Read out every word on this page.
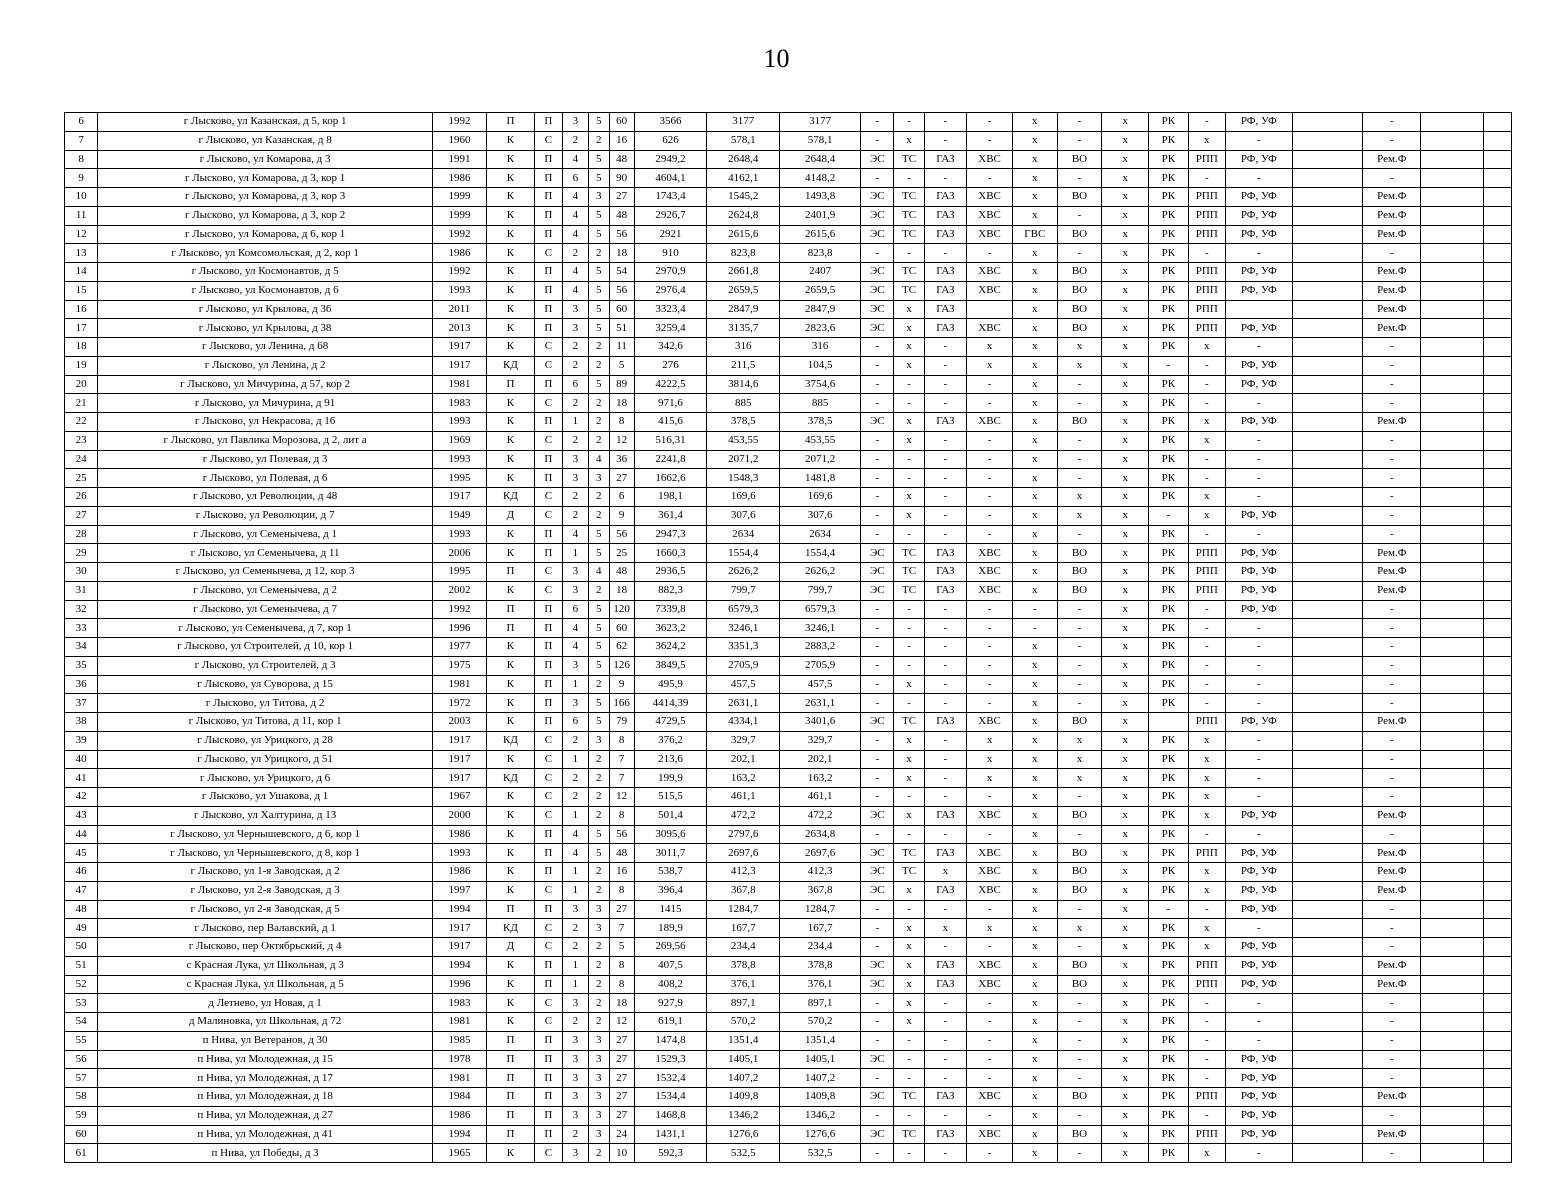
10
6	г Лысково, ул Казанская, д 5, кор 1	1992	П	П	3	5	60	3566	3177	3177	-	-	-	-	х	-	х	РК	-	РФ, УФ		-		
7	г Лысково, ул Казанская, д 8	1960	К	С	2	2	16	626	578,1	578,1	-	х	-	-	х	-	х	РК	х	-		-		
8	г Лысково, ул Комарова, д 3	1991	К	П	4	5	48	2949,2	2648,4	2648,4	ЭС	ТС	ГАЗ	ХВС	х	ВО	х	РК	РПП	РФ, УФ		Рем.Ф		
9	г Лысково, ул Комарова, д 3, кор 1	1986	К	П	6	5	90	4604,1	4162,1	4148,2	-	-	-	-	х	-	х	РК	-	-		-		
10	г Лысково, ул Комарова, д 3, кор 3	1999	К	П	4	3	27	1743,4	1545,2	1493,8	ЭС	ТС	ГАЗ	ХВС	х	ВО	х	РК	РПП	РФ, УФ		Рем.Ф		
11	г Лысково, ул Комарова, д 3, кор 2	1999	К	П	4	5	48	2926,7	2624,8	2401,9	ЭС	ТС	ГАЗ	ХВС	х	-	х	РК	РПП	РФ, УФ		Рем.Ф		
12	г Лысково, ул Комарова, д 6, кор 1	1992	К	П	4	5	56	2921	2615,6	2615,6	ЭС	ТС	ГАЗ	ХВС	ГВС	ВО	х	РК	РПП	РФ, УФ		Рем.Ф		
13	г Лысково, ул Комсомольская, д 2, кор 1	1986	К	С	2	2	18	910	823,8	823,8	-	-	-	-	х	-	х	РК	-	-		-		
14	г Лысково, ул Космонавтов, д 5	1992	К	П	4	5	54	2970,9	2661,8	2407	ЭС	ТС	ГАЗ	ХВС	х	ВО	х	РК	РПП	РФ, УФ		Рем.Ф		
15	г Лысково, ул Космонавтов, д 6	1993	К	П	4	5	56	2976,4	2659,5	2659,5	ЭС	ТС	ГАЗ	ХВС	х	ВО	х	РК	РПП	РФ, УФ		Рем.Ф		
16	г Лысково, ул Крылова, д 36	2011	К	П	3	5	60	3323,4	2847,9	2847,9	ЭС	х	ГАЗ		х	ВО	х	РК	РПП			Рем.Ф		
17	г Лысково, ул Крылова, д 38	2013	К	П	3	5	51	3259,4	3135,7	2823,6	ЭС	х	ГАЗ	ХВС	х	ВО	х	РК	РПП	РФ, УФ		Рем.Ф		
18	г Лысково, ул Ленина, д 68	1917	К	С	2	2	11	342,6	316	316	-	х	-	х	х	х	х	РК	х	-		-		
19	г Лысково, ул Ленина, д 2	1917	КД	С	2	2	5	276	211,5	104,5	-	х	-	х	х	х	х	-	-	РФ, УФ		-		
20	г Лысково, ул Мичурина, д 57, кор 2	1981	П	П	6	5	89	4222,5	3814,6	3754,6	-	-	-	-	х	-	х	РК	-	РФ, УФ		-		
21	г Лысково, ул Мичурина, д 91	1983	К	С	2	2	18	971,6	885	885	-	-	-	-	х	-	х	РК	-	-		-		
22	г Лысково, ул Некрасова, д 16	1993	К	П	1	2	8	415,6	378,5	378,5	ЭС	х	ГАЗ	ХВС	х	ВО	х	РК	х	РФ, УФ		Рем.Ф		
23	г Лысково, ул Павлика Морозова, д 2, лит а	1969	К	С	2	2	12	516,31	453,55	453,55	-	х	-	-	х	-	х	РК	х	-		-		
24	г Лысково, ул Полевая, д 3	1993	К	П	3	4	36	2241,8	2071,2	2071,2	-	-	-	-	х	-	х	РК	-	-		-		
25	г Лысково, ул Полевая, д 6	1995	К	П	3	3	27	1662,6	1548,3	1481,8	-	-	-	-	х	-	х	РК	-	-		-		
26	г Лысково, ул Революции, д 48	1917	КД	С	2	2	6	198,1	169,6	169,6	-	х	-	-	х	х	х	РК	х	-		-		
27	г Лысково, ул Революции, д 7	1949	Д	С	2	2	9	361,4	307,6	307,6	-	х	-	-	х	х	х	-	х	РФ, УФ		-		
28	г Лысково, ул Семенычева, д 1	1993	К	П	4	5	56	2947,3	2634	2634	-	-	-	-	х	-	х	РК	-	-		-		
29	г Лысково, ул Семенычева, д 11	2006	К	П	1	5	25	1660,3	1554,4	1554,4	ЭС	ТС	ГАЗ	ХВС	х	ВО	х	РК	РПП	РФ, УФ		Рем.Ф		
30	г Лысково, ул Семенычева, д 12, кор 3	1995	П	С	3	4	48	2936,5	2626,2	2626,2	ЭС	ТС	ГАЗ	ХВС	х	ВО	х	РК	РПП	РФ, УФ		Рем.Ф		
31	г Лысково, ул Семенычева, д 2	2002	К	С	3	2	18	882,3	799,7	799,7	ЭС	ТС	ГАЗ	ХВС	х	ВО	х	РК	РПП	РФ, УФ		Рем.Ф		
32	г Лысково, ул Семенычева, д 7	1992	П	П	6	5	120	7339,8	6579,3	6579,3	-	-	-	-	-	-	х	РК	-	РФ, УФ		-		
33	г Лысково, ул Семенычева, д 7, кор 1	1996	П	П	4	5	60	3623,2	3246,1	3246,1	-	-	-	-	-	-	х	РК	-	-		-		
34	г Лысково, ул Строителей, д 10, кор 1	1977	К	П	4	5	62	3624,2	3351,3	2883,2	-	-	-	-	х	-	х	РК	-	-		-		
35	г Лысково, ул Строителей, д 3	1975	К	П	3	5	126	3849,5	2705,9	2705,9	-	-	-	-	х	-	х	РК	-	-		-		
36	г Лысково, ул Суворова, д 15	1981	К	П	1	2	9	495,9	457,5	457,5	-	х	-	-	х	-	х	РК	-	-		-		
37	г Лысково, ул Титова, д 2	1972	К	П	3	5	166	4414,39	2631,1	2631,1	-	-	-	-	х	-	х	РК	-	-		-		
38	г Лысково, ул Титова, д 11, кор 1	2003	К	П	6	5	79	4729,5	4334,1	3401,6	ЭС	ТС	ГАЗ	ХВС	х	ВО	х		РПП	РФ, УФ		Рем.Ф		
39	г Лысково, ул Урицкого, д 28	1917	КД	С	2	3	8	376,2	329,7	329,7	-	х	-	х	х	х	х	РК	х	-		-		
40	г Лысково, ул Урицкого, д 51	1917	К	С	1	2	7	213,6	202,1	202,1	-	х	-	х	х	х	х	РК	х	-		-		
41	г Лысково, ул Урицкого, д 6	1917	КД	С	2	2	7	199,9	163,2	163,2	-	х	-	х	х	х	х	РК	х	-		-		
42	г Лысково, ул Ушакова, д 1	1967	К	С	2	2	12	515,5	461,1	461,1	-	-	-	-	х	-	х	РК	х	-		-		
43	г Лысково, ул Халтурина, д 13	2000	К	С	1	2	8	501,4	472,2	472,2	ЭС	х	ГАЗ	ХВС	х	ВО	х	РК	х	РФ, УФ		Рем.Ф		
44	г Лысково, ул Чернышевского, д 6, кор 1	1986	К	П	4	5	56	3095,6	2797,6	2634,8	-	-	-	-	х	-	х	РК	-	-		-		
45	г Лысково, ул Чернышевского, д 8, кор 1	1993	К	П	4	5	48	3011,7	2697,6	2697,6	ЭС	ТС	ГАЗ	ХВС	х	ВО	х	РК	РПП	РФ, УФ		Рем.Ф		
46	г Лысково, ул 1-я Заводская, д 2	1986	К	П	1	2	16	538,7	412,3	412,3	ЭС	ТС	х	ХВС	х	ВО	х	РК	х	РФ, УФ		Рем.Ф		
47	г Лысково, ул 2-я Заводская, д 3	1997	К	С	1	2	8	396,4	367,8	367,8	ЭС	х	ГАЗ	ХВС	х	ВО	х	РК	х	РФ, УФ		Рем.Ф		
48	г Лысково, ул 2-я Заводская, д 5	1994	П	П	3	3	27	1415	1284,7	1284,7	-	-	-	-	х	-	х	-	-	РФ, УФ		-		
49	г Лысково, пер Валавский, д 1	1917	КД	С	2	3	7	189,9	167,7	167,7	-	х	х	х	х	х	х	РК	х	-		-		
50	г Лысково, пер Октябрьский, д 4	1917	Д	С	2	2	5	269,56	234,4	234,4	-	х	-	-	х	-	х	РК	х	РФ, УФ		-		
51	с Красная Лука, ул Школьная, д 3	1994	К	П	1	2	8	407,5	378,8	378,8	ЭС	х	ГАЗ	ХВС	х	ВО	х	РК	РПП	РФ, УФ		Рем.Ф		
52	с Красная Лука, ул Школьная, д 5	1996	К	П	1	2	8	408,2	376,1	376,1	ЭС	х	ГАЗ	ХВС	х	ВО	х	РК	РПП	РФ, УФ		Рем.Ф		
53	д Летнево, ул Новая, д 1	1983	К	С	3	2	18	927,9	897,1	897,1	-	х	-	-	х	-	х	РК	-	-		-		
54	д Малиновка, ул Школьная, д 72	1981	К	С	2	2	12	619,1	570,2	570,2	-	х	-	-	х	-	х	РК	-	-		-		
55	п Нива, ул Ветеранов, д 30	1985	П	П	3	3	27	1474,8	1351,4	1351,4	-	-	-	-	х	-	х	РК	-	-		-		
56	п Нива, ул Молодежная, д 15	1978	П	П	3	3	27	1529,3	1405,1	1405,1	ЭС	-	-	-	х	-	х	РК	-	РФ, УФ		-		
57	п Нива, ул Молодежная, д 17	1981	П	П	3	3	27	1532,4	1407,2	1407,2	-	-	-	-	х	-	х	РК	-	РФ, УФ		-		
58	п Нива, ул Молодежная, д 18	1984	П	П	3	3	27	1534,4	1409,8	1409,8	ЭС	ТС	ГАЗ	ХВС	х	ВО	х	РК	РПП	РФ, УФ		Рем.Ф		
59	п Нива, ул Молодежная, д 27	1986	П	П	3	3	27	1468,8	1346,2	1346,2	-	-	-	-	х	-	х	РК	-	РФ, УФ		-		
60	п Нива, ул Молодежная, д 41	1994	П	П	2	3	24	1431,1	1276,6	1276,6	ЭС	ТС	ГАЗ	ХВС	х	ВО	х	РК	РПП	РФ, УФ		Рем.Ф		
61	п Нива, ул Победы, д 3	1965	К	С	3	2	10	592,3	532,5	532,5	-	-	-	-	х	-	х	РК	х	-		-		
